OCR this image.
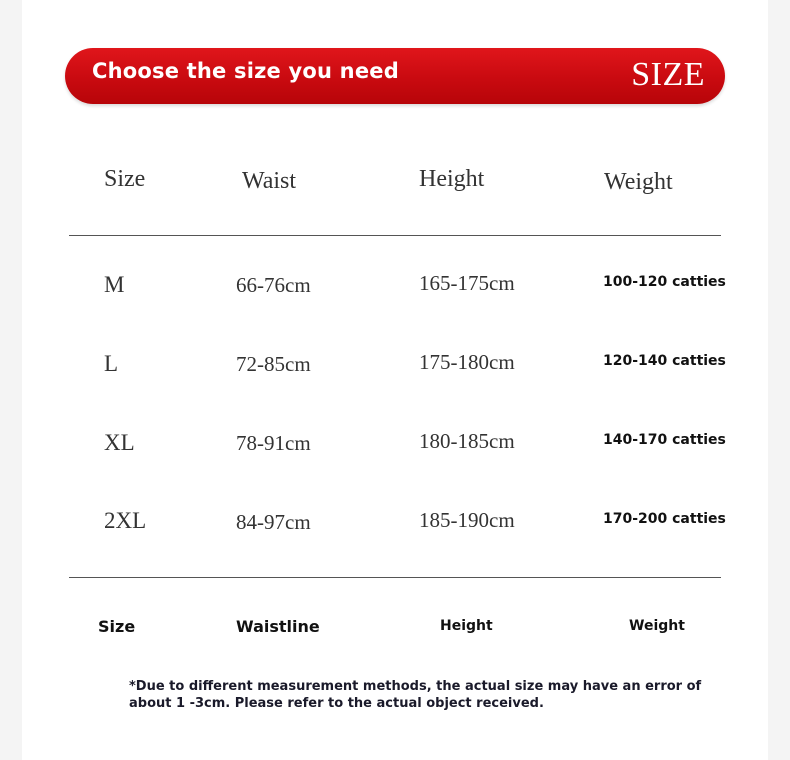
Choose the size you need	SIZE
Size	Waist	Height	Weight
M	66-76cm	165-175cm	100-120 catties
L	72-85cm	175-180cm	120-140 catties
XL	78-91cm	180-185cm	140-170 catties
2XL	84-97cm	185-190cm	170-200 catties
Size	Waistline	Height	Weight
*Due to different measurement methods, the actual size may have an error of about 1 -3cm. Please refer to the actual object received.
